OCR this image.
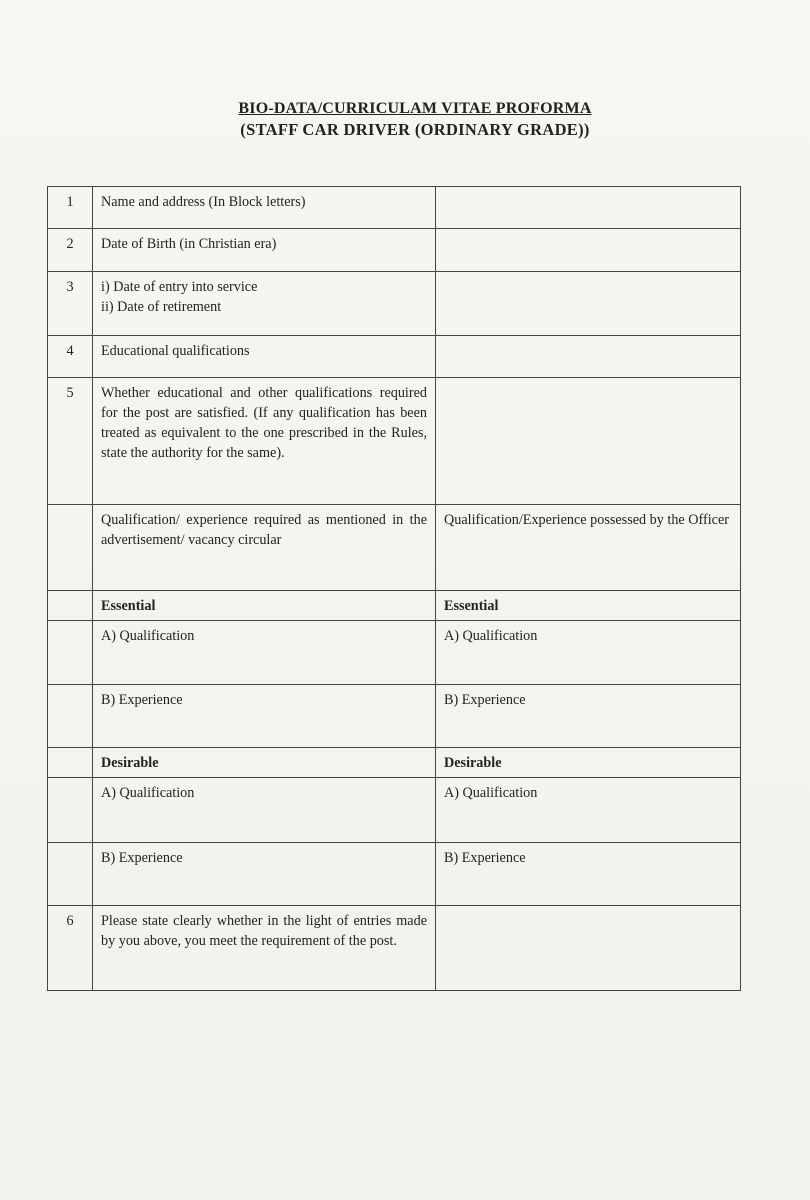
BIO-DATA/CURRICULAM VITAE PROFORMA
(STAFF CAR DRIVER (ORDINARY GRADE))
1	Name and address (In Block letters)	
2	Date of Birth (in Christian era)	
3	i) Date of entry into service
ii) Date of retirement	

4	Educational qualifications	
5	Whether educational and other qualifications required for the post are satisfied. (If any qualification has been treated as equivalent to the one prescribed in the Rules, state the authority for the same).	
	Qualification/ experience required as mentioned in the advertisement/ vacancy circular	Qualification/Experience possessed by the Officer
	Essential	Essential
	A) Qualification	A) Qualification
	B) Experience	B) Experience
	Desirable	Desirable
	A) Qualification	A) Qualification
	B) Experience	B) Experience
6	Please state clearly whether in the light of entries made by you above, you meet the requirement of the post.	
